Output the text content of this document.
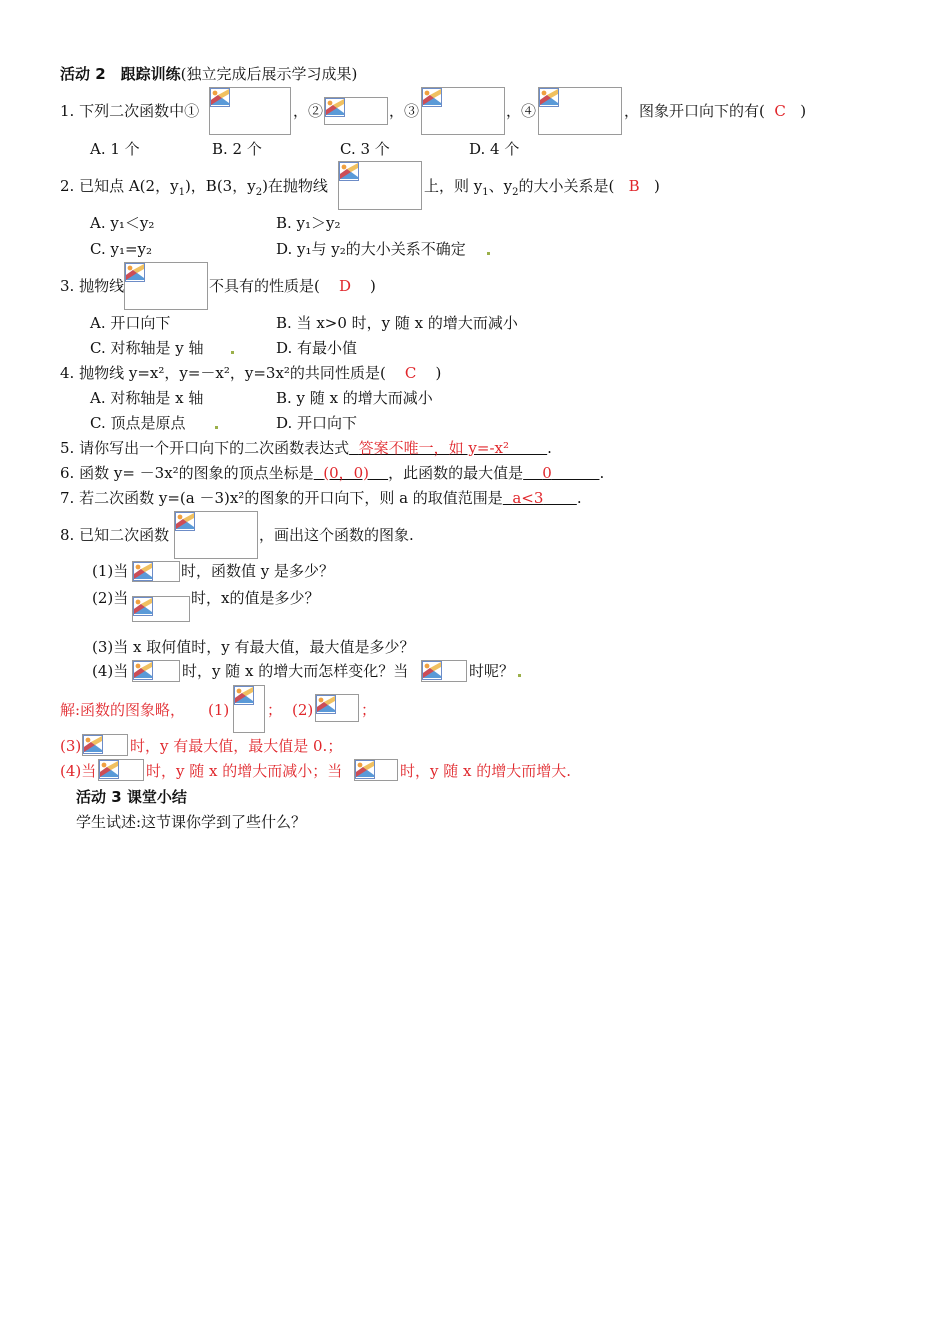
活动 2　跟踪训练(独立完成后展示学习成果)
1. 下列二次函数中①	，②	，③	，④	，图象开口向下的有( C )
A. 1 个	B. 2 个	C. 3 个	D. 4 个
2. 已知点 A(2，$y_1$)，B(3，$y_2$)在抛物线	上，则 $y_1$、$y_2$的大小关系是( B )
A. y₁＜y₂	B. y₁＞y₂
C. y₁=y₂	D. y₁与 y₂的大小关系不确定
3. 抛物线	不具有的性质是( D )
A. 开口向下	B. 当 x>0 时，y 随 x 的增大而减小
C. 对称轴是 y 轴	D. 有最小值
4. 抛物线 y=x²，y=－x²，y=3x²的共同性质是( C )
A. 对称轴是 x 轴	B. y 随 x 的增大而减小
C. 顶点是原点	D. 开口向下
5. 请你写出一个开口向下的二次函数表达式 答案不唯一，如 y=-x²	.
6. 函数 y= －3x²的图象的顶点坐标是 (0，0) ，此函数的最大值是 0	.
7. 若二次函数 y=(a －3)x²的图象的开口向下，则 a 的取值范围是 a<3 .
8. 已知二次函数	，画出这个函数的图象.
(1)当	时，函数值 y 是多少？
(2)当	时，x的值是多少？
(3)当 x 取何值时，y 有最大值，最大值是多少？
(4)当	时，y 随 x 的增大而怎样变化？当	时呢？
解:函数的图象略， (1)	； (2)	；
(3)	时，y 有最大值，最大值是 0.；
(4)当	时，y 随 x 的增大而减小；当	时，y 随 x 的增大而增大.
活动 3 课堂小结
学生试述:这节课你学到了些什么？
